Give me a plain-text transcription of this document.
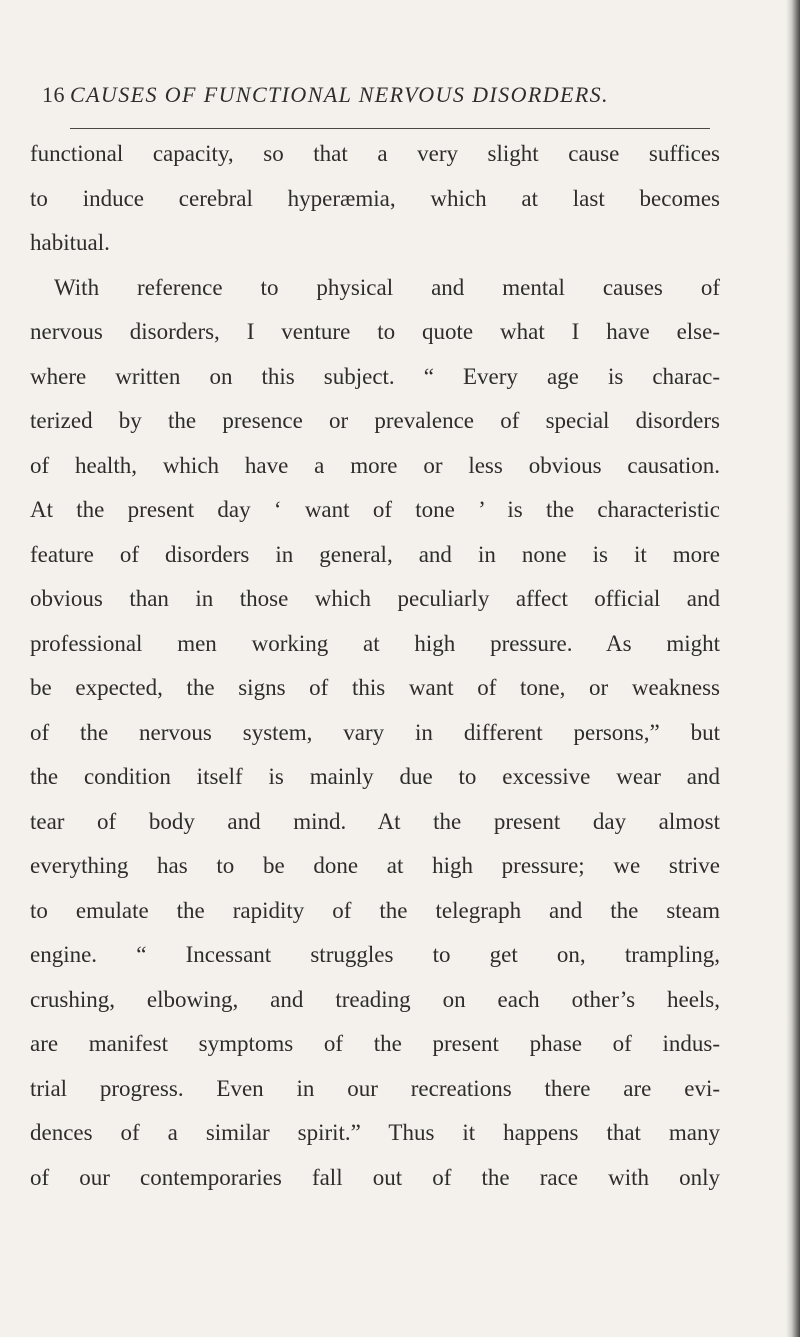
16 CAUSES OF FUNCTIONAL NERVOUS DISORDERS.
functional capacity, so that a very slight cause suffices
to induce cerebral hyperæmia, which at last becomes
habitual.
With reference to physical and mental causes of
nervous disorders, I venture to quote what I have else-
where written on this subject. “ Every age is charac-
terized by the presence or prevalence of special disorders
of health, which have a more or less obvious causation.
At the present day ‘ want of tone ’ is the characteristic
feature of disorders in general, and in none is it more
obvious than in those which peculiarly affect official and
professional men working at high pressure. As might
be expected, the signs of this want of tone, or weakness
of the nervous system, vary in different persons,” but
the condition itself is mainly due to excessive wear and
tear of body and mind. At the present day almost
everything has to be done at high pressure; we strive
to emulate the rapidity of the telegraph and the steam
engine. “ Incessant struggles to get on, trampling,
crushing, elbowing, and treading on each other’s heels,
are manifest symptoms of the present phase of indus-
trial progress. Even in our recreations there are evi-
dences of a similar spirit.” Thus it happens that many
of our contemporaries fall out of the race with only
